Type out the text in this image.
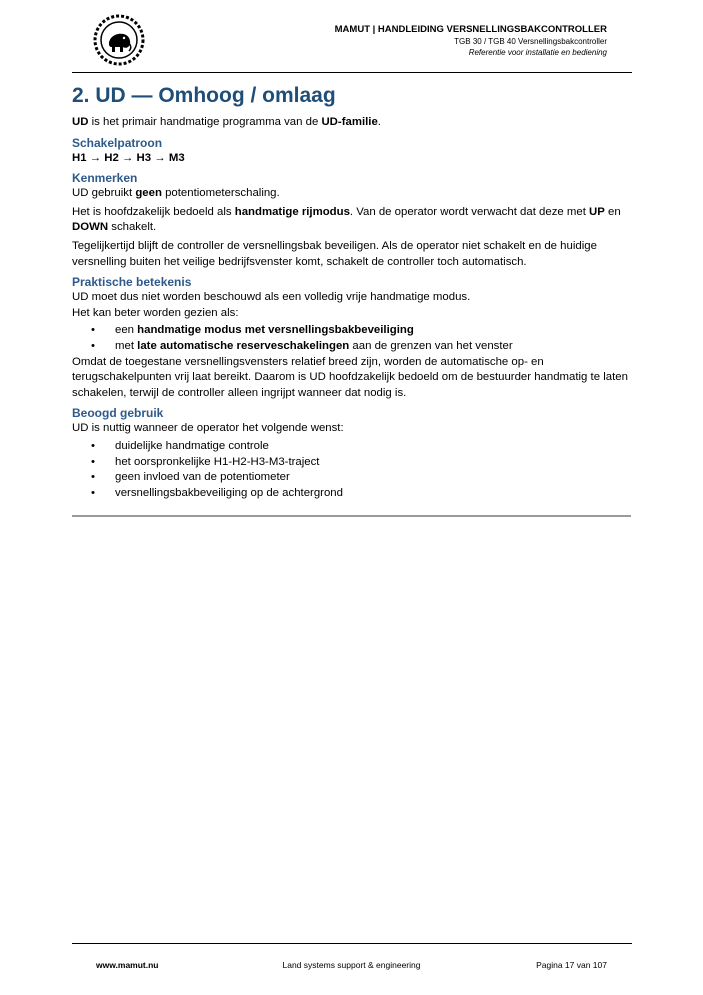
MAMUT | HANDLEIDING VERSNELLINGSBAKCONTROLLER
TGB 30 / TGB 40 Versnellingsbakcontroller
Referentie voor installatie en bediening
2. UD — Omhoog / omlaag

UD is het primair handmatige programma van de UD-familie.

Schakelpatroon

H1 → H2 → H3 → M3

Kenmerken

UD gebruikt geen potentiometerschaling.

Het is hoofdzakelijk bedoeld als handmatige rijmodus. Van de operator wordt verwacht dat deze met UP en DOWN schakelt.

Tegelijkertijd blijft de controller de versnellingsbak beveiligen. Als de operator niet schakelt en de huidige versnelling buiten het veilige bedrijfsvenster komt, schakelt de controller toch automatisch.

Praktische betekenis

UD moet dus niet worden beschouwd als een volledig vrije handmatige modus.

Het kan beter worden gezien als:

• een handmatige modus met versnellingsbakbeveiliging
• met late automatische reserveschakelingen aan de grenzen van het venster

Omdat de toegestane versnellingsvensters relatief breed zijn, worden de automatische op- en terugschakelpunten vrij laat bereikt. Daarom is UD hoofdzakelijk bedoeld om de bestuurder handmatig te laten schakelen, terwijl de controller alleen ingrijpt wanneer dat nodig is.

Beoogd gebruik

UD is nuttig wanneer de operator het volgende wenst:

• duidelijke handmatige controle
• het oorspronkelijke H1-H2-H3-M3-traject
• geen invloed van de potentiometer
• versnellingsbakbeveiliging op de achtergrond
www.mamut.nu	Land systems support & engineering	Pagina 17 van 107
